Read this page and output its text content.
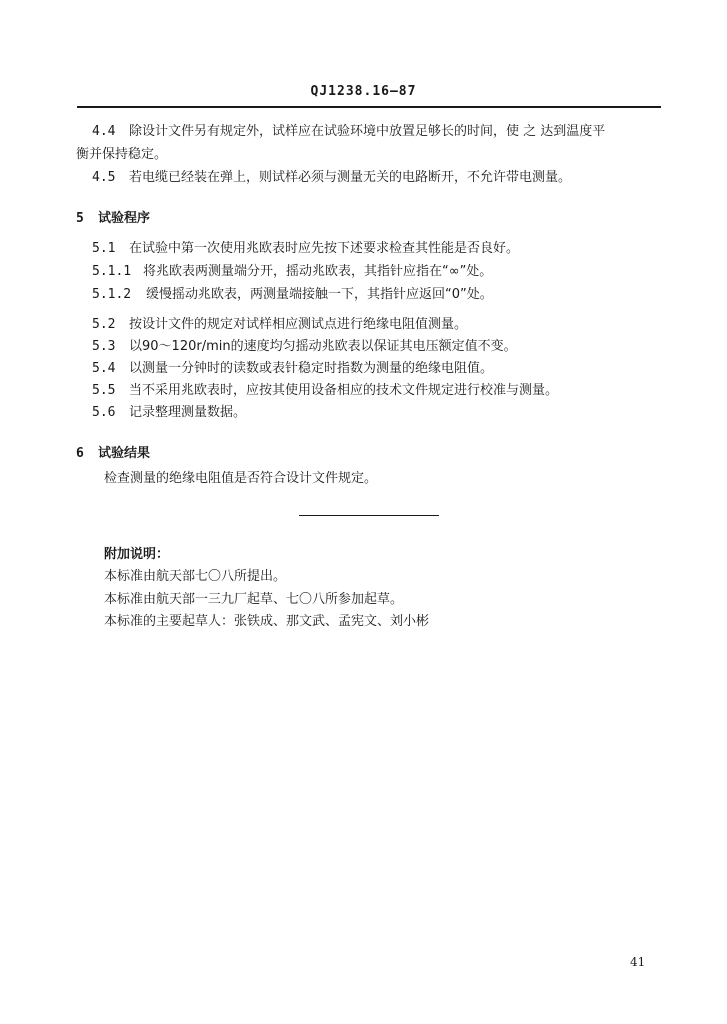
QJ1238.16—87
4.4 除设计文件另有规定外，试样应在试验环境中放置足够长的时间，使 之 达到温度平
衡并保持稳定。
4.5 若电缆已经装在弹上，则试样必须与测量无关的电路断开，不允许带电测量。
5 试验程序
5.1 在试验中第一次使用兆欧表时应先按下述要求检查其性能是否良好。
5.1.1 将兆欧表两测量端分开，摇动兆欧表，其指针应指在“∞”处。
5.1.2 缓慢摇动兆欧表，两测量端接触一下，其指针应返回“0”处。
5.2 按设计文件的规定对试样相应测试点进行绝缘电阻值测量。
5.3 以90～120r/min的速度均匀摇动兆欧表以保证其电压额定值不变。
5.4 以测量一分钟时的读数或表针稳定时指数为测量的绝缘电阻值。
5.5 当不采用兆欧表时，应按其使用设备相应的技术文件规定进行校准与测量。
5.6 记录整理测量数据。
6 试验结果
检查测量的绝缘电阻值是否符合设计文件规定。
附加说明：
本标准由航天部七〇八所提出。
本标准由航天部一三九厂起草、七〇八所参加起草。
本标准的主要起草人：张铁成、那文武、孟宪文、刘小彬
41
